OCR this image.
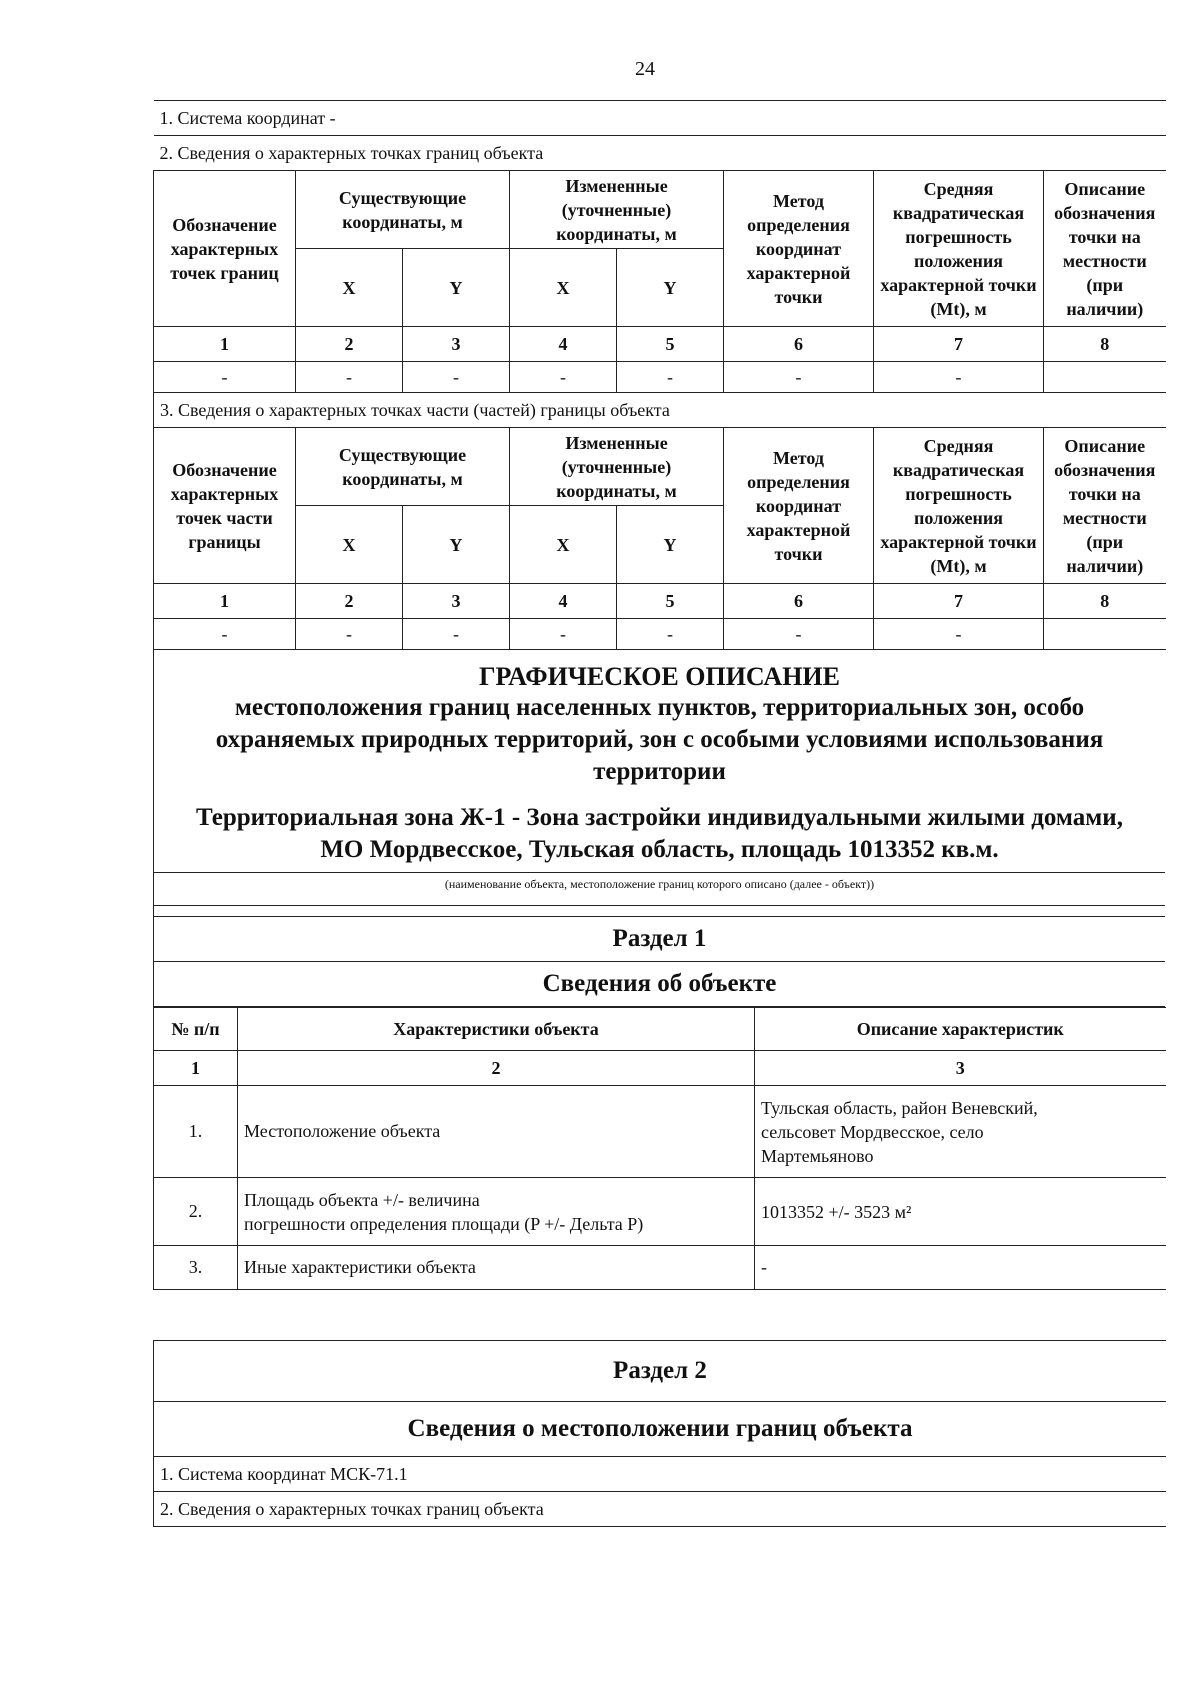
24
1. Система координат -							
2. Сведения о характерных точках границ объекта							
Обозначение характерных точек границ	Существующие координаты, м		Измененные (уточненные) координаты, м		Метод определения координат характерной точки	Средняя квадратическая погрешность положения характерной точки (Mt), м	Описание обозначения точки на местности (при наличии)
	X	Y	X	Y			
1	2	3	4	5	6	7	8
-	-	-	-	-	-	-	
3. Сведения о характерных точках части (частей) границы объекта							
Обозначение характерных точек части границы	Существующие координаты, м		Измененные (уточненные) координаты, м		Метод определения координат характерной точки	Средняя квадратическая погрешность положения характерной точки (Mt), м	Описание обозначения точки на местности (при наличии)
	X	Y	X	Y			
1	2	3	4	5	6	7	8
-	-	-	-	-	-	-	
ГРАФИЧЕСКОЕ ОПИСАНИЕ
местоположения границ населенных пунктов, территориальных зон, особо охраняемых природных территорий, зон с особыми условиями использования территории
Территориальная зона Ж-1 - Зона застройки индивидуальными жилыми домами, МО Мордвесское, Тульская область, площадь 1013352 кв.м.
(наименование объекта, местоположение границ которого описано (далее - объект))
Раздел 1
Сведения об объекте
№ п/п	Характеристики объекта	Описание характеристик
1	2	3
1.	Местоположение объекта	Тульская область, район Веневский,
сельсовет Мордвесское, село
Мартемьяново
2.	Площадь объекта +/- величина
погрешности определения площади (P +/- Дельта P)	1013352 +/- 3523 м²
3.	Иные характеристики объекта	-
Раздел 2
Сведения о местоположении границ объекта
1. Система координат МСК-71.1
2. Сведения о характерных точках границ объекта
